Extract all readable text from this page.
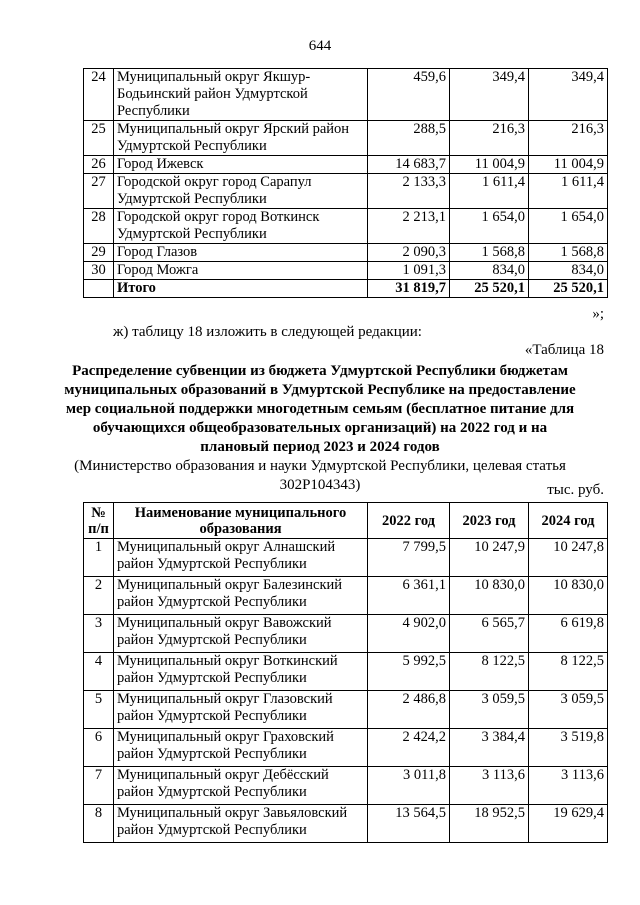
644
24	Муниципальный округ Якшур-Бодьинский район Удмуртской Республики	459,6	349,4	349,4
25	Муниципальный округ Ярский район Удмуртской Республики	288,5	216,3	216,3
26	Город Ижевск	14 683,7	11 004,9	11 004,9
27	Городской округ город Сарапул Удмуртской Республики	2 133,3	1 611,4	1 611,4
28	Городской округ город Воткинск Удмуртской Республики	2 213,1	1 654,0	1 654,0
29	Город Глазов	2 090,3	1 568,8	1 568,8
30	Город Можга	1 091,3	834,0	834,0
	Итого	31 819,7	25 520,1	25 520,1
»;
ж) таблицу 18 изложить в следующей редакции:
«Таблица 18
Распределение субвенции из бюджета Удмуртской Республики бюджетам муниципальных образований в Удмуртской Республике на предоставление мер социальной поддержки многодетным семьям (бесплатное питание для обучающихся общеобразовательных организаций) на 2022 год и на плановый период 2023 и 2024 годов
(Министерство образования и науки Удмуртской Республики, целевая статья 302Р104343)	тыс. руб.
№ п/п	Наименование муниципального образования	2022 год	2023 год	2024 год
1	Муниципальный округ Алнашский район Удмуртской Республики	7 799,5	10 247,9	10 247,8
2	Муниципальный округ Балезинский район Удмуртской Республики	6 361,1	10 830,0	10 830,0
3	Муниципальный округ Вавожский район Удмуртской Республики	4 902,0	6 565,7	6 619,8
4	Муниципальный округ Воткинский район Удмуртской Республики	5 992,5	8 122,5	8 122,5
5	Муниципальный округ Глазовский район Удмуртской Республики	2 486,8	3 059,5	3 059,5
6	Муниципальный округ Граховский район Удмуртской Республики	2 424,2	3 384,4	3 519,8
7	Муниципальный округ Дебёсский район Удмуртской Республики	3 011,8	3 113,6	3 113,6
8	Муниципальный округ Завьяловский район Удмуртской Республики	13 564,5	18 952,5	19 629,4
